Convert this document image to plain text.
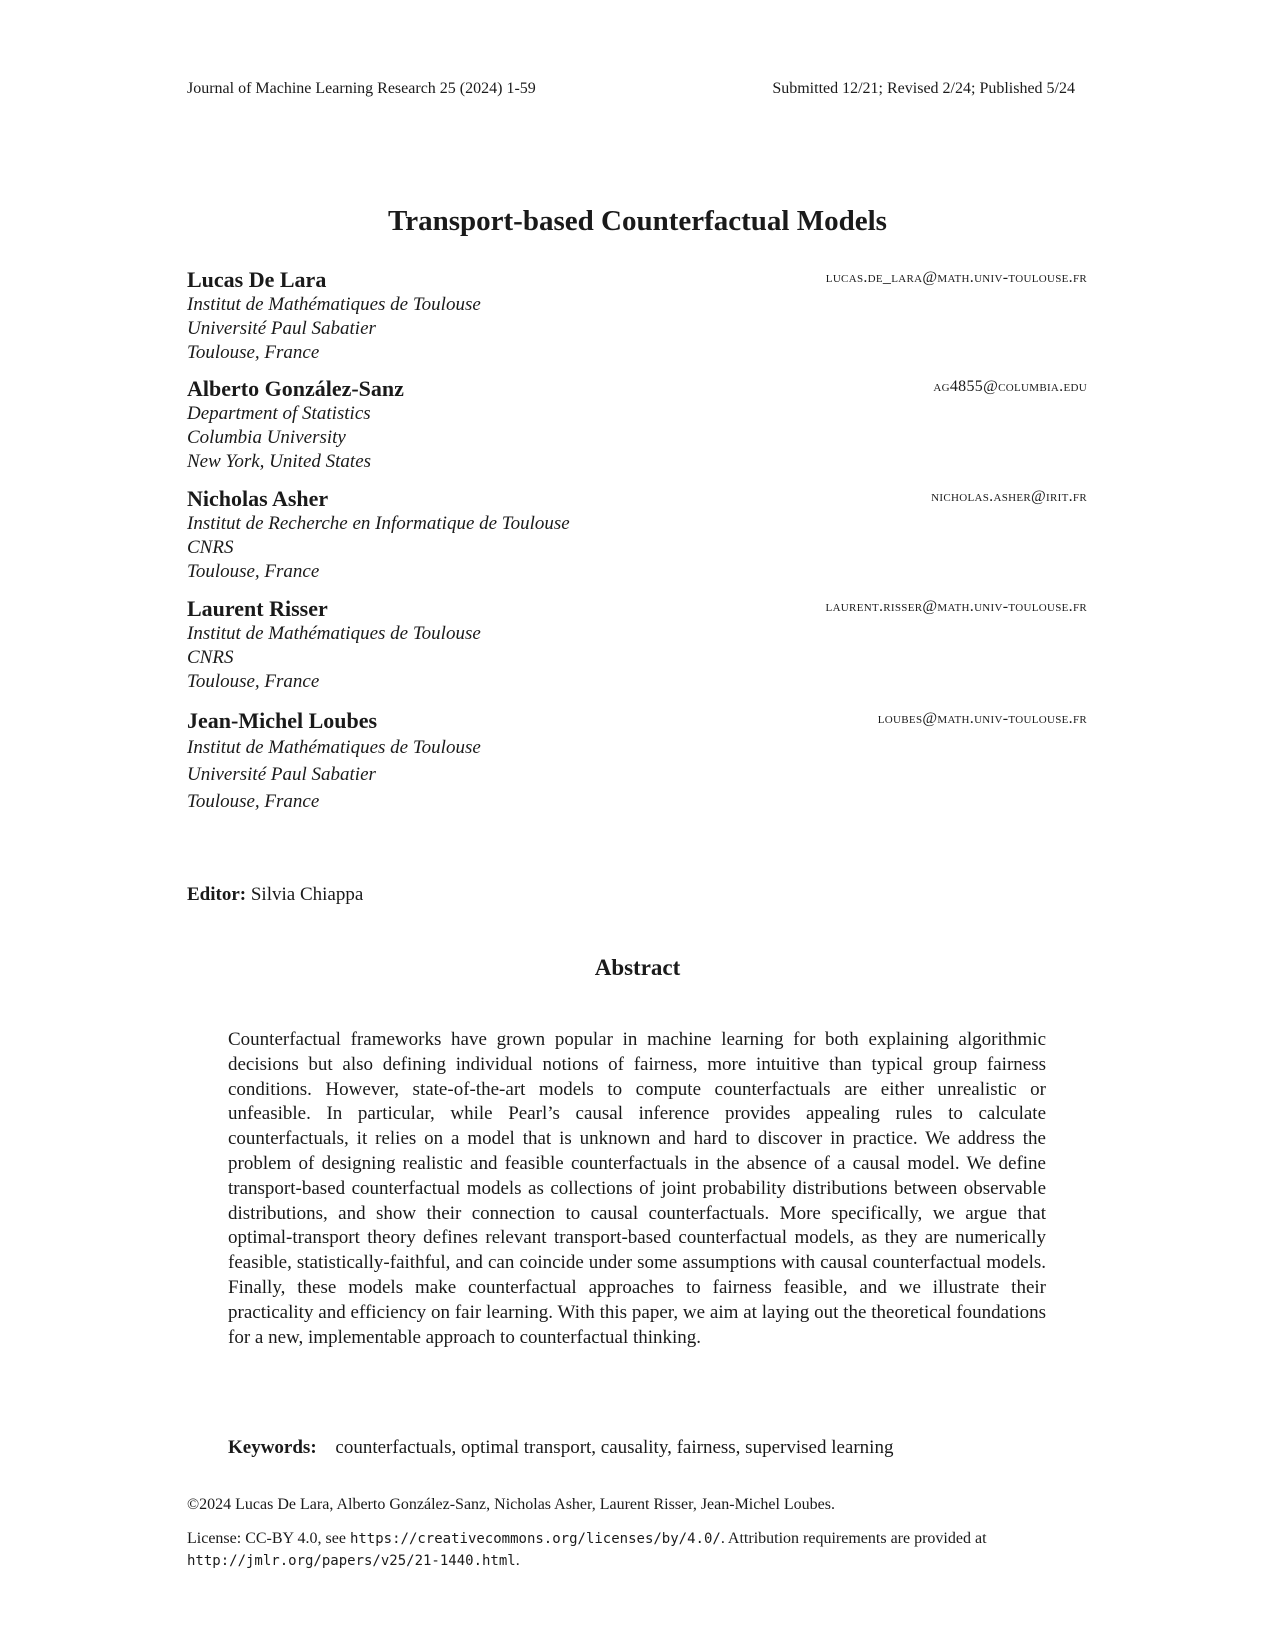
Journal of Machine Learning Research 25 (2024) 1-59	Submitted 12/21; Revised 2/24; Published 5/24
Transport-based Counterfactual Models
Lucas De Lara	lucas.de_lara@math.univ-toulouse.fr
Institut de Mathématiques de Toulouse
Université Paul Sabatier
Toulouse, France
Alberto González-Sanz	ag4855@columbia.edu
Department of Statistics
Columbia University
New York, United States
Nicholas Asher	nicholas.asher@irit.fr
Institut de Recherche en Informatique de Toulouse
CNRS
Toulouse, France
Laurent Risser	laurent.risser@math.univ-toulouse.fr
Institut de Mathématiques de Toulouse
CNRS
Toulouse, France
Jean-Michel Loubes	loubes@math.univ-toulouse.fr
Institut de Mathématiques de Toulouse
Université Paul Sabatier
Toulouse, France
Editor: Silvia Chiappa
Abstract
Counterfactual frameworks have grown popular in machine learning for both explaining algorithmic decisions but also defining individual notions of fairness, more intuitive than typical group fairness conditions. However, state-of-the-art models to compute counterfactuals are either unrealistic or unfeasible. In particular, while Pearl’s causal inference provides appealing rules to calculate counterfactuals, it relies on a model that is unknown and hard to discover in practice. We address the problem of designing realistic and feasible counterfactuals in the absence of a causal model. We define transport-based counterfactual models as collections of joint probability distributions between observable distributions, and show their connection to causal counterfactuals. More specifically, we argue that optimal-transport theory defines relevant transport-based counterfactual models, as they are numerically feasible, statistically-faithful, and can coincide under some assumptions with causal counterfactual models. Finally, these models make counterfactual approaches to fairness feasible, and we illustrate their practicality and efficiency on fair learning. With this paper, we aim at laying out the theoretical foundations for a new, implementable approach to counterfactual thinking.
Keywords: counterfactuals, optimal transport, causality, fairness, supervised learning
©2024 Lucas De Lara, Alberto González-Sanz, Nicholas Asher, Laurent Risser, Jean-Michel Loubes.
License: CC-BY 4.0, see https://creativecommons.org/licenses/by/4.0/. Attribution requirements are provided at http://jmlr.org/papers/v25/21-1440.html.
